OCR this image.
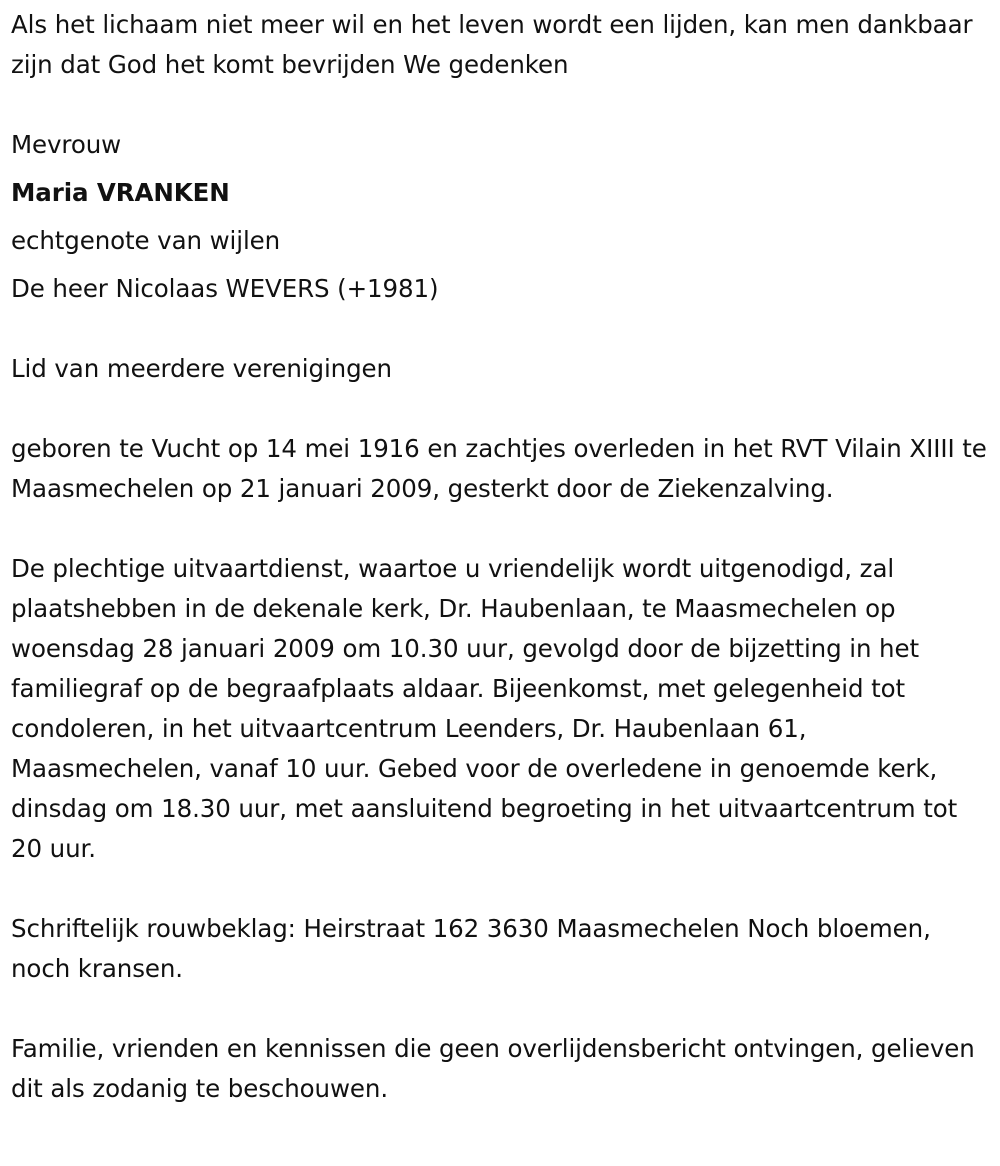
Als het lichaam niet meer wil en het leven wordt een lijden, kan men dankbaar zijn dat God het komt bevrijden We gedenken

Mevrouw

Maria VRANKEN

echtgenote van wijlen

De heer Nicolaas WEVERS (+1981)

Lid van meerdere verenigingen

geboren te Vucht op 14 mei 1916 en zachtjes overleden in het RVT Vilain XIIII te Maasmechelen op 21 januari 2009, gesterkt door de Ziekenzalving.

De plechtige uitvaartdienst, waartoe u vriendelijk wordt uitgenodigd, zal plaatshebben in de dekenale kerk, Dr. Haubenlaan, te Maasmechelen op woensdag 28 januari 2009 om 10.30 uur, gevolgd door de bijzetting in het familiegraf op de begraafplaats aldaar. Bijeenkomst, met gelegenheid tot condoleren, in het uitvaartcentrum Leenders, Dr. Haubenlaan 61, Maasmechelen, vanaf 10 uur. Gebed voor de overledene in genoemde kerk, dinsdag om 18.30 uur, met aansluitend begroeting in het uitvaartcentrum tot 20 uur.

Schriftelijk rouwbeklag: Heirstraat 162 3630 Maasmechelen Noch bloemen, noch kransen.

Familie, vrienden en kennissen die geen overlijdensbericht ontvingen, gelieven dit als zodanig te beschouwen.
